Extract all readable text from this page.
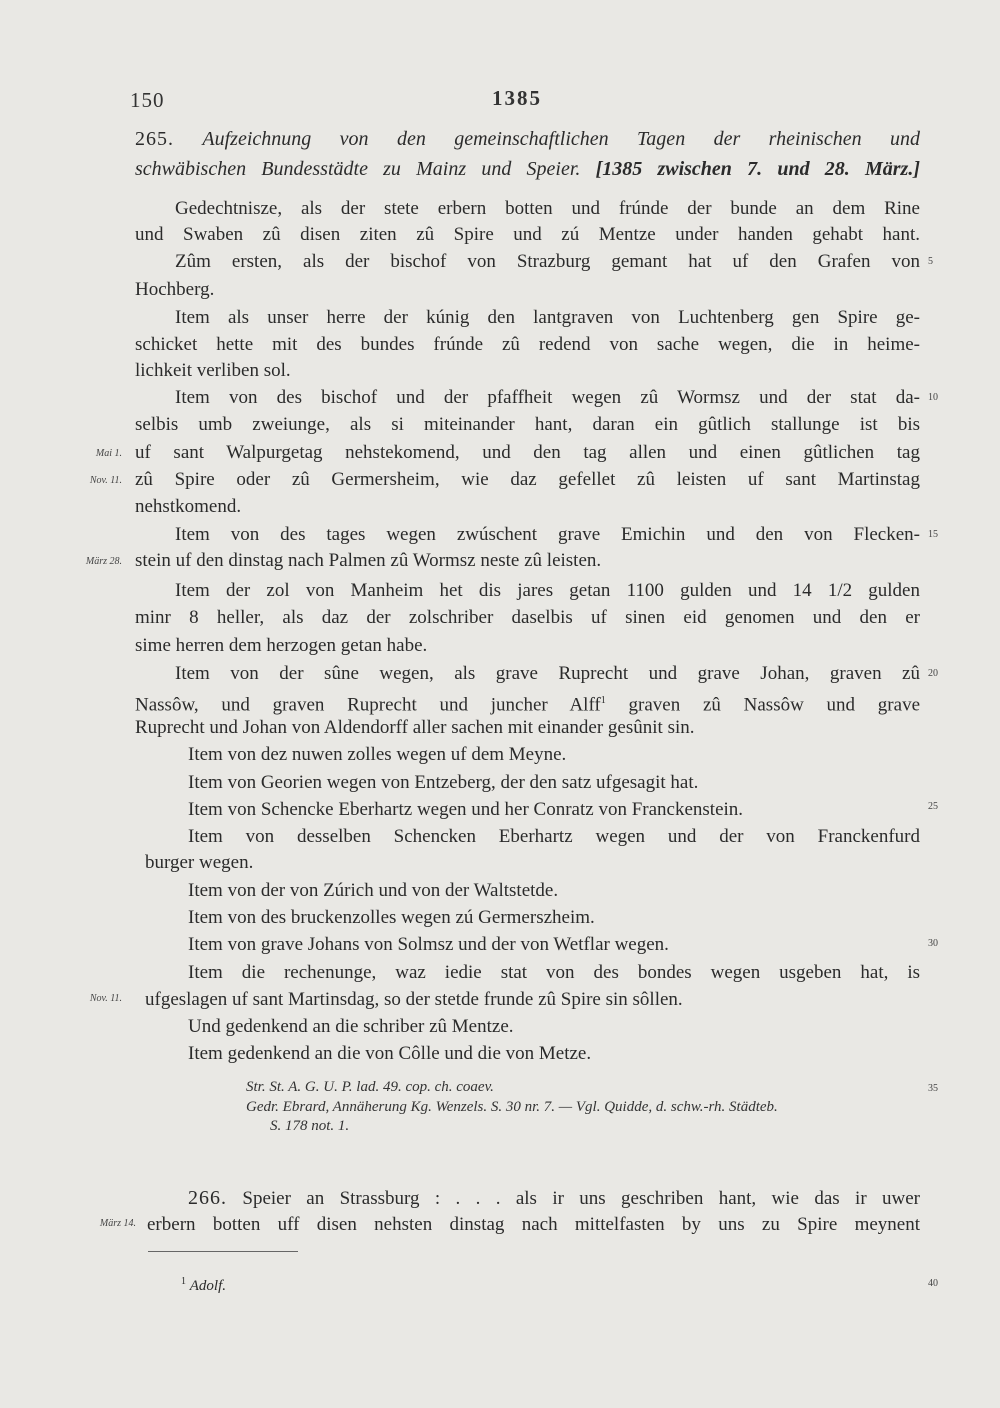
150	1385
265. Aufzeichnung von den gemeinschaftlichen Tagen der rheinischen und
schwäbischen Bundesstädte zu Mainz und Speier. [1385 zwischen 7. und 28. März.]
Gedechtnisze, als der stete erbern botten und frúnde der bunde an dem Rine
und Swaben zû disen ziten zû Spire und zú Mentze under handen gehabt hant.
Zûm ersten, als der bischof von Strazburg gemant hat uf den Grafen von
Hochberg.
Item als unser herre der kúnig den lantgraven von Luchtenberg gen Spire ge-
schicket hette mit des bundes frúnde zû redend von sache wegen, die in heime-
lichkeit verliben sol.
Item von des bischof und der pfaffheit wegen zû Wormsz und der stat da-
selbis umb zweiunge, als si miteinander hant, daran ein gûtlich stallunge ist bis
uf sant Walpurgetag nehstekomend, und den tag allen und einen gûtlichen tag
zû Spire oder zû Germersheim, wie daz gefellet zû leisten uf sant Martinstag
nehstkomend.
Item von des tages wegen zwúschent grave Emichin und den von Flecken-
stein uf den dinstag nach Palmen zû Wormsz neste zû leisten.
Item der zol von Manheim het dis jares getan 1100 gulden und 14 1/2 gulden
minr 8 heller, als daz der zolschriber daselbis uf sinen eid genomen und den er
sime herren dem herzogen getan habe.
Item von der sûne wegen, als grave Ruprecht und grave Johan, graven zû
Nassôw, und graven Ruprecht und juncher Alff$^1$ graven zû Nassôw und grave
Ruprecht und Johan von Aldendorff aller sachen mit einander gesûnit sin.
Item von dez nuwen zolles wegen uf dem Meyne.
Item von Georien wegen von Entzeberg, der den satz ufgesagit hat.
Item von Schencke Eberhartz wegen und her Conratz von Franckenstein.
Item von desselben Schencken Eberhartz wegen und der von Franckenfurd
burger wegen.
Item von der von Zúrich und von der Waltstetde.
Item von des bruckenzolles wegen zú Germerszheim.
Item von grave Johans von Solmsz und der von Wetflar wegen.
Item die rechenunge, waz iedie stat von des bondes wegen usgeben hat, is
ufgeslagen uf sant Martinsdag, so der stetde frunde zû Spire sin sôllen.
Und gedenkend an die schriber zû Mentze.
Item gedenkend an die von Côlle und die von Metze.
Str. St. A. G. U. P. lad. 49. cop. ch. coaev.
Gedr. Ebrard, Annäherung Kg. Wenzels. S. 30 nr. 7. — Vgl. Quidde, d. schw.-rh. Städteb.
S. 178 not. 1.
266. Speier an Strassburg : . . . als ir uns geschriben hant, wie das ir uwer
erbern botten uff disen nehsten dinstag nach mittelfasten by uns zu Spire meynent
Mai 1.
Nov. 11.
März 28.
Nov. 11.
März 14.
5
10
15
20
25
30
35
40
$^1$ Adolf.
